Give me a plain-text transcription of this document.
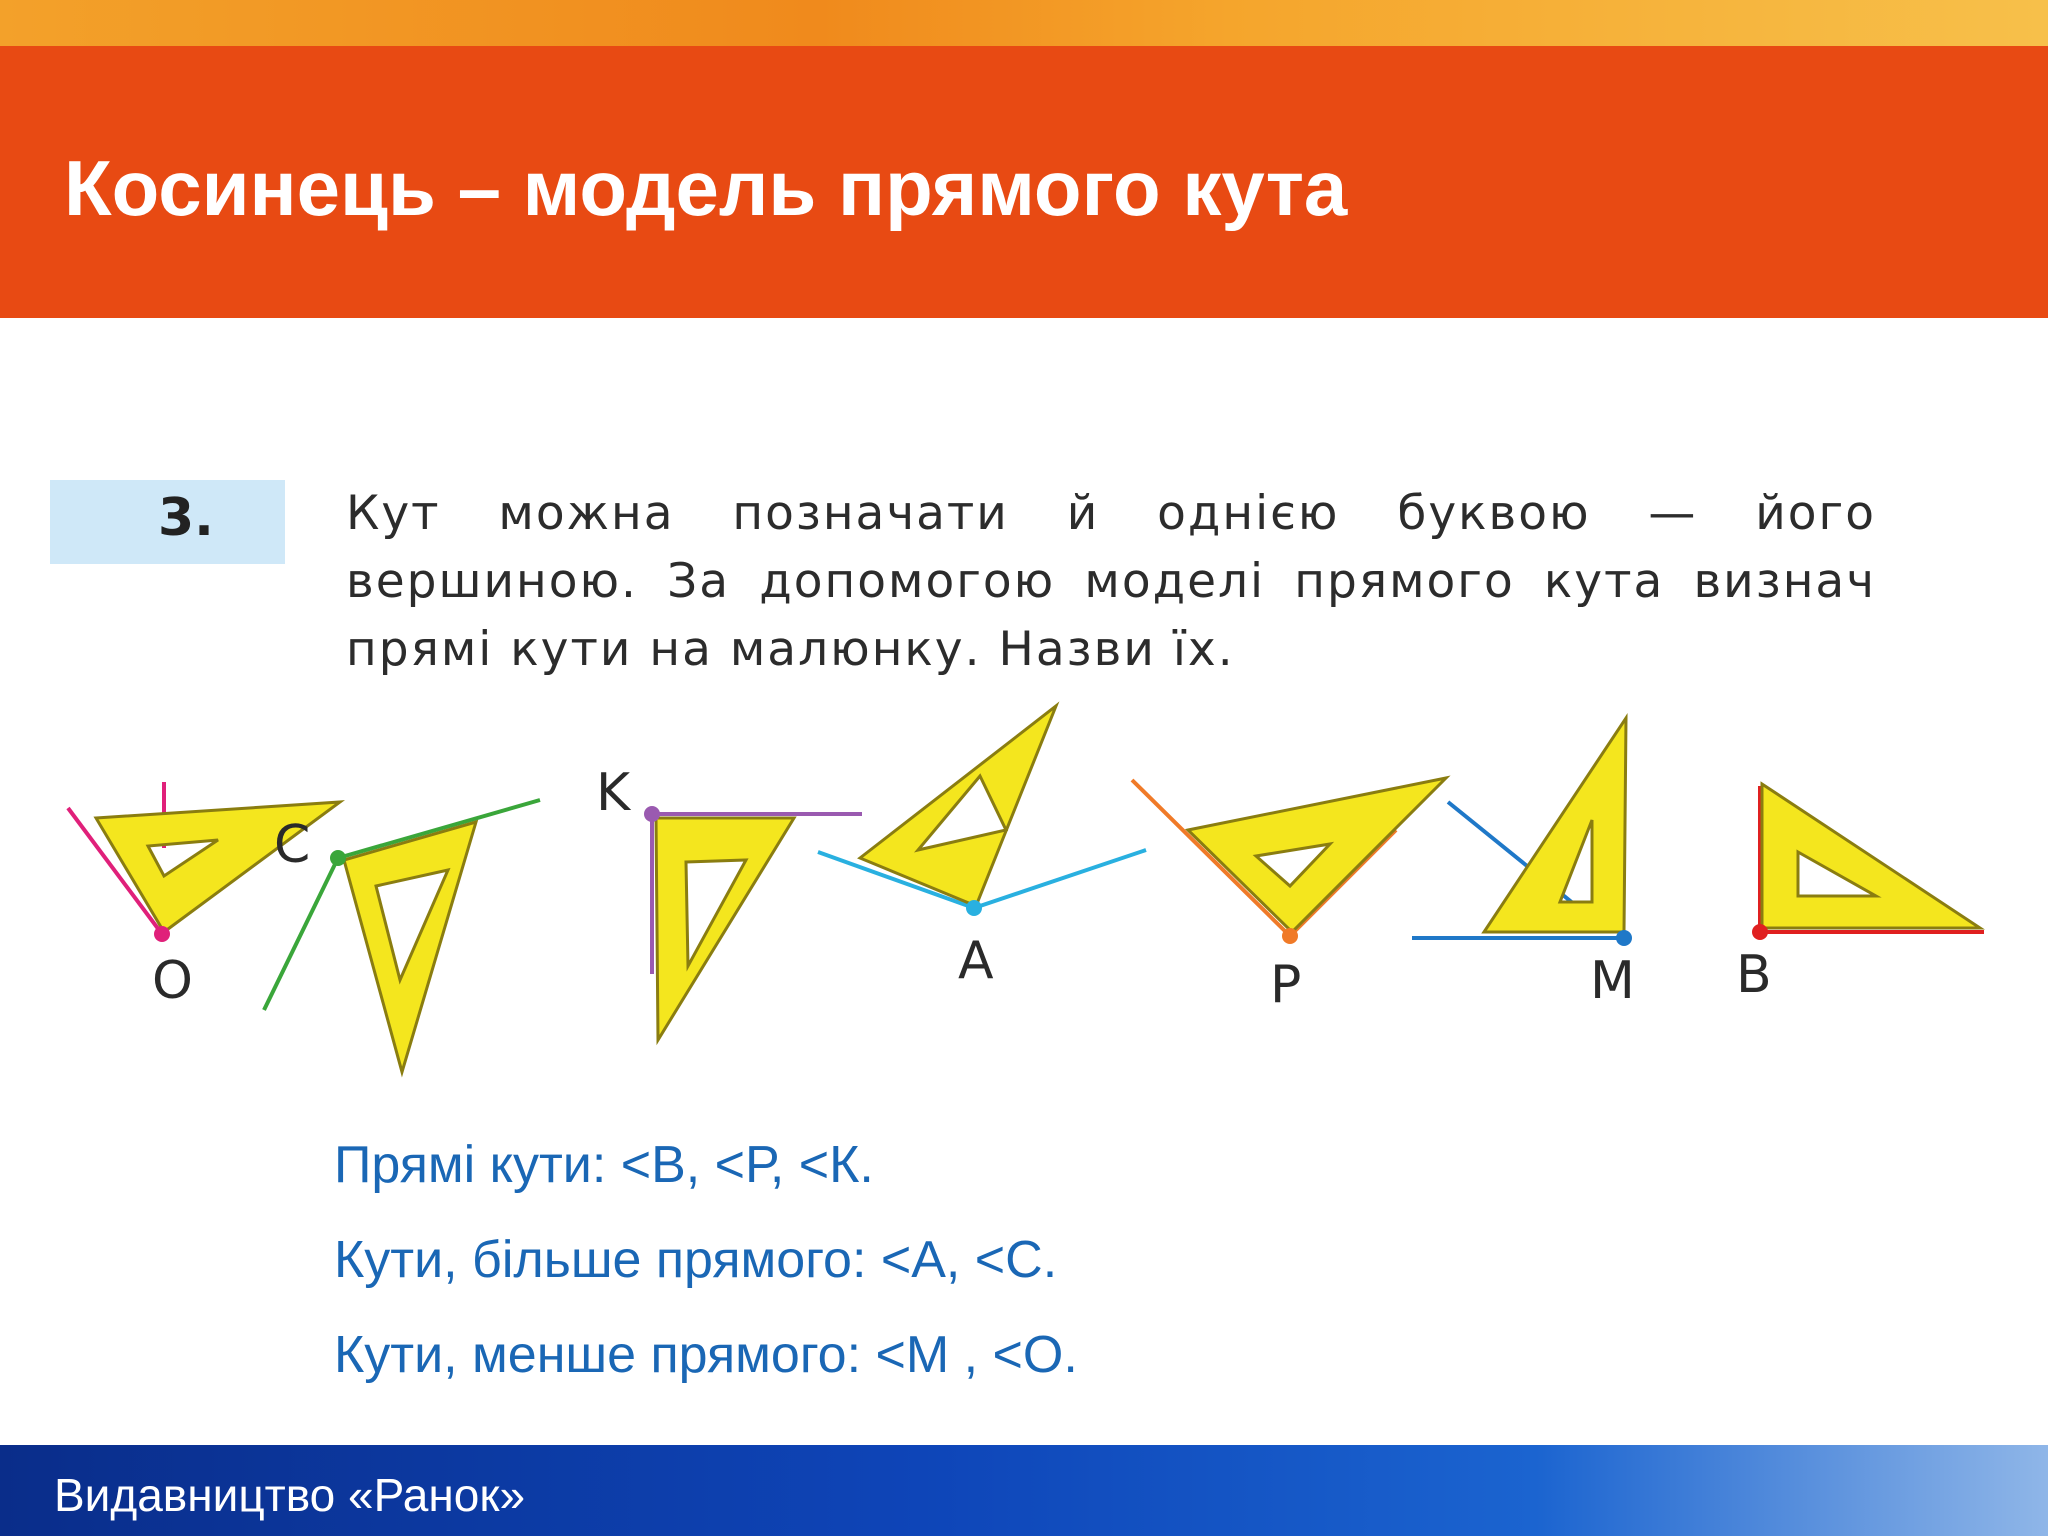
Косинець – модель прямого кута
3.	Кут можна позначати й однією буквою — його вершиною. За допомогою моделі прямого кута визнач прямі кути на малюнку. Назви їх.
O
C
K
A	P	M B
Прямі кути: <В, <Р, <К.
Кути, більше прямого: <А, <С.
Кути, менше прямого: <М , <О.
Видавництво «Ранок»
